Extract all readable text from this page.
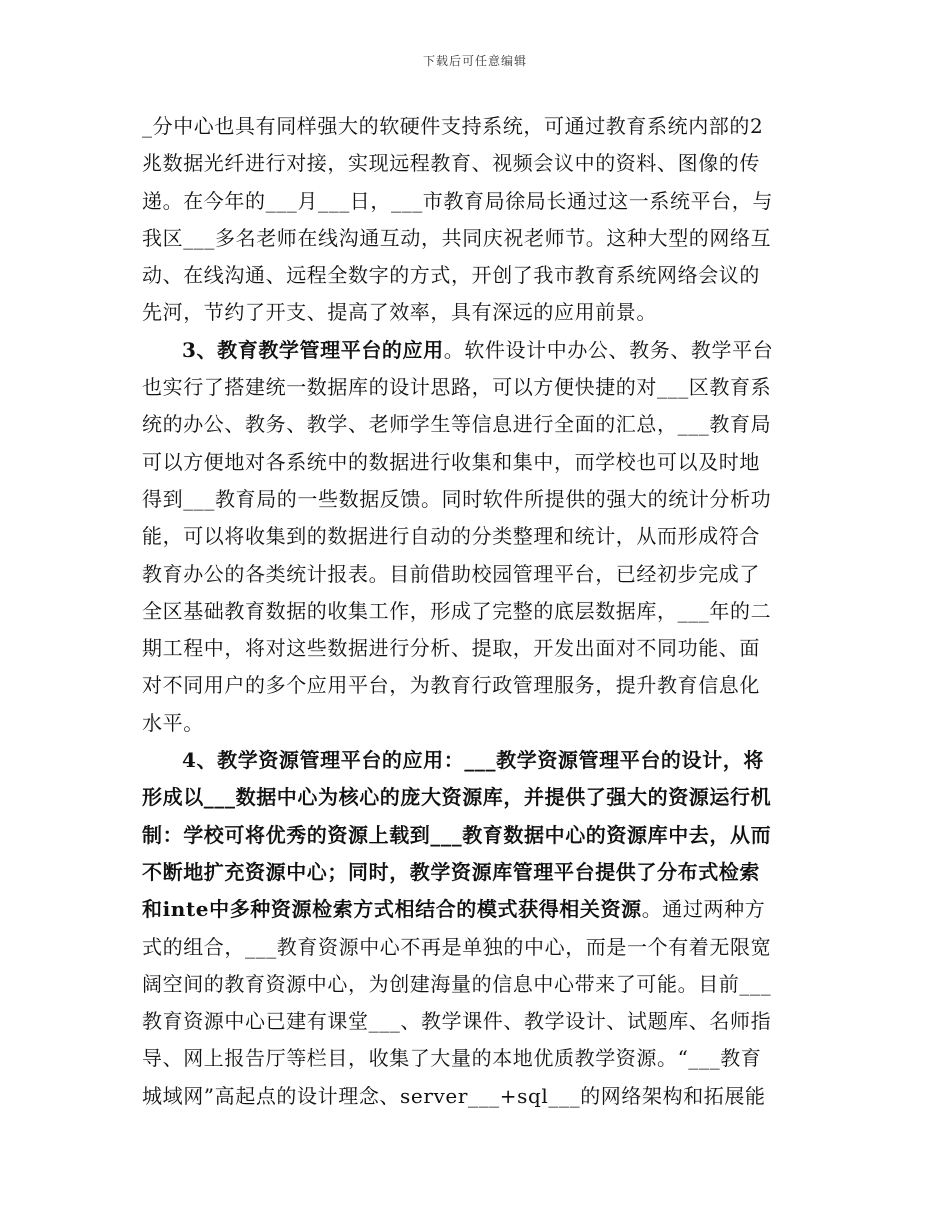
下载后可任意编辑
_分中心也具有同样强大的软硬件支持系统，可通过教育系统内部的2
兆数据光纤进行对接，实现远程教育、视频会议中的资料、图像的传
递。在今年的___月___日，___市教育局徐局长通过这一系统平台，与
我区___多名老师在线沟通互动，共同庆祝老师节。这种大型的网络互
动、在线沟通、远程全数字的方式，开创了我市教育系统网络会议的
先河，节约了开支、提高了效率，具有深远的应用前景。
3、教育教学管理平台的应用。软件设计中办公、教务、教学平台
也实行了搭建统一数据库的设计思路，可以方便快捷的对___区教育系
统的办公、教务、教学、老师学生等信息进行全面的汇总，___教育局
可以方便地对各系统中的数据进行收集和集中，而学校也可以及时地
得到___教育局的一些数据反馈。同时软件所提供的强大的统计分析功
能，可以将收集到的数据进行自动的分类整理和统计，从而形成符合
教育办公的各类统计报表。目前借助校园管理平台，已经初步完成了
全区基础教育数据的收集工作，形成了完整的底层数据库，___年的二
期工程中，将对这些数据进行分析、提取，开发出面对不同功能、面
对不同用户的多个应用平台，为教育行政管理服务，提升教育信息化
水平。
4、教学资源管理平台的应用：___教学资源管理平台的设计，将
形成以___数据中心为核心的庞大资源库，并提供了强大的资源运行机
制：学校可将优秀的资源上载到___教育数据中心的资源库中去，从而
不断地扩充资源中心；同时，教学资源库管理平台提供了分布式检索
和inte中多种资源检索方式相结合的模式获得相关资源。通过两种方
式的组合，___教育资源中心不再是单独的中心，而是一个有着无限宽
阔空间的教育资源中心，为创建海量的信息中心带来了可能。目前___
教育资源中心已建有课堂___、教学课件、教学设计、试题库、名师指
导、网上报告厅等栏目，收集了大量的本地优质教学资源。“___教育
城域网”高起点的设计理念、server___+sql___的网络架构和拓展能
